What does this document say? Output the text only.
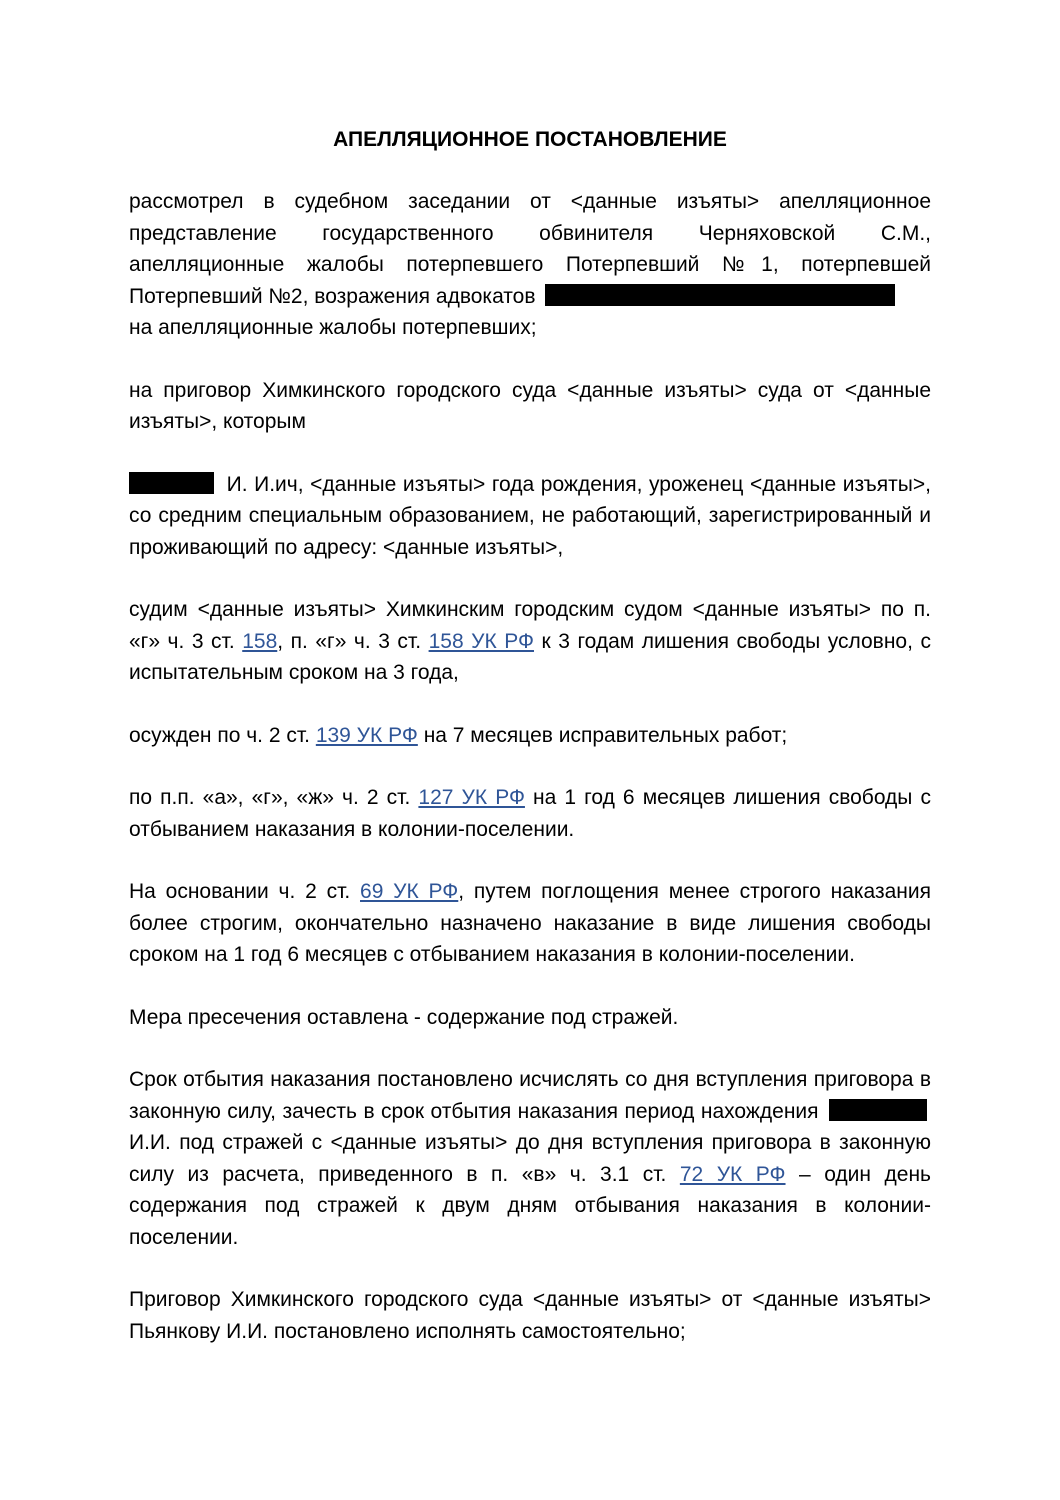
АПЕЛЛЯЦИОННОЕ ПОСТАНОВЛЕНИЕ
рассмотрел в судебном заседании от <данные изъяты> апелляционное представление государственного обвинителя Черняховской С.М., апелляционные жалобы потерпевшего Потерпевший №1, потерпевшей Потерпевший №2, возражения адвокатов
на апелляционные жалобы потерпевших;
на приговор Химкинского городского суда <данные изъяты> суда от <данные изъяты>, которым
И. И.ич, <данные изъяты> года рождения, уроженец <данные изъяты>, со средним специальным образованием, не работающий, зарегистрированный и проживающий по адресу: <данные изъяты>,
судим <данные изъяты> Химкинским городским судом <данные изъяты> по п. «г» ч. 3 ст. 158, п. «г» ч. 3 ст. 158 УК РФ к 3 годам лишения свободы условно, с испытательным сроком на 3 года,
осужден по ч. 2 ст. 139 УК РФ на 7 месяцев исправительных работ;
по п.п. «а», «г», «ж» ч. 2 ст. 127 УК РФ на 1 год 6 месяцев лишения свободы с отбыванием наказания в колонии-поселении.
На основании ч. 2 ст. 69 УК РФ, путем поглощения менее строгого наказания более строгим, окончательно назначено наказание в виде лишения свободы сроком на 1 год 6 месяцев с отбыванием наказания в колонии-поселении.
Мера пресечения оставлена - содержание под стражей.
Срок отбытия наказания постановлено исчислять со дня вступления приговора в законную силу, зачесть в срок отбытия наказания период нахождения  И.И. под стражей с <данные изъяты> до дня вступления приговора в законную силу из расчета, приведенного в п. «в» ч. 3.1 ст. 72 УК РФ – один день содержания под стражей к двум дням отбывания наказания в колонии-поселении.
Приговор Химкинского городского суда <данные изъяты> от <данные изъяты> Пьянкову И.И. постановлено исполнять самостоятельно;
